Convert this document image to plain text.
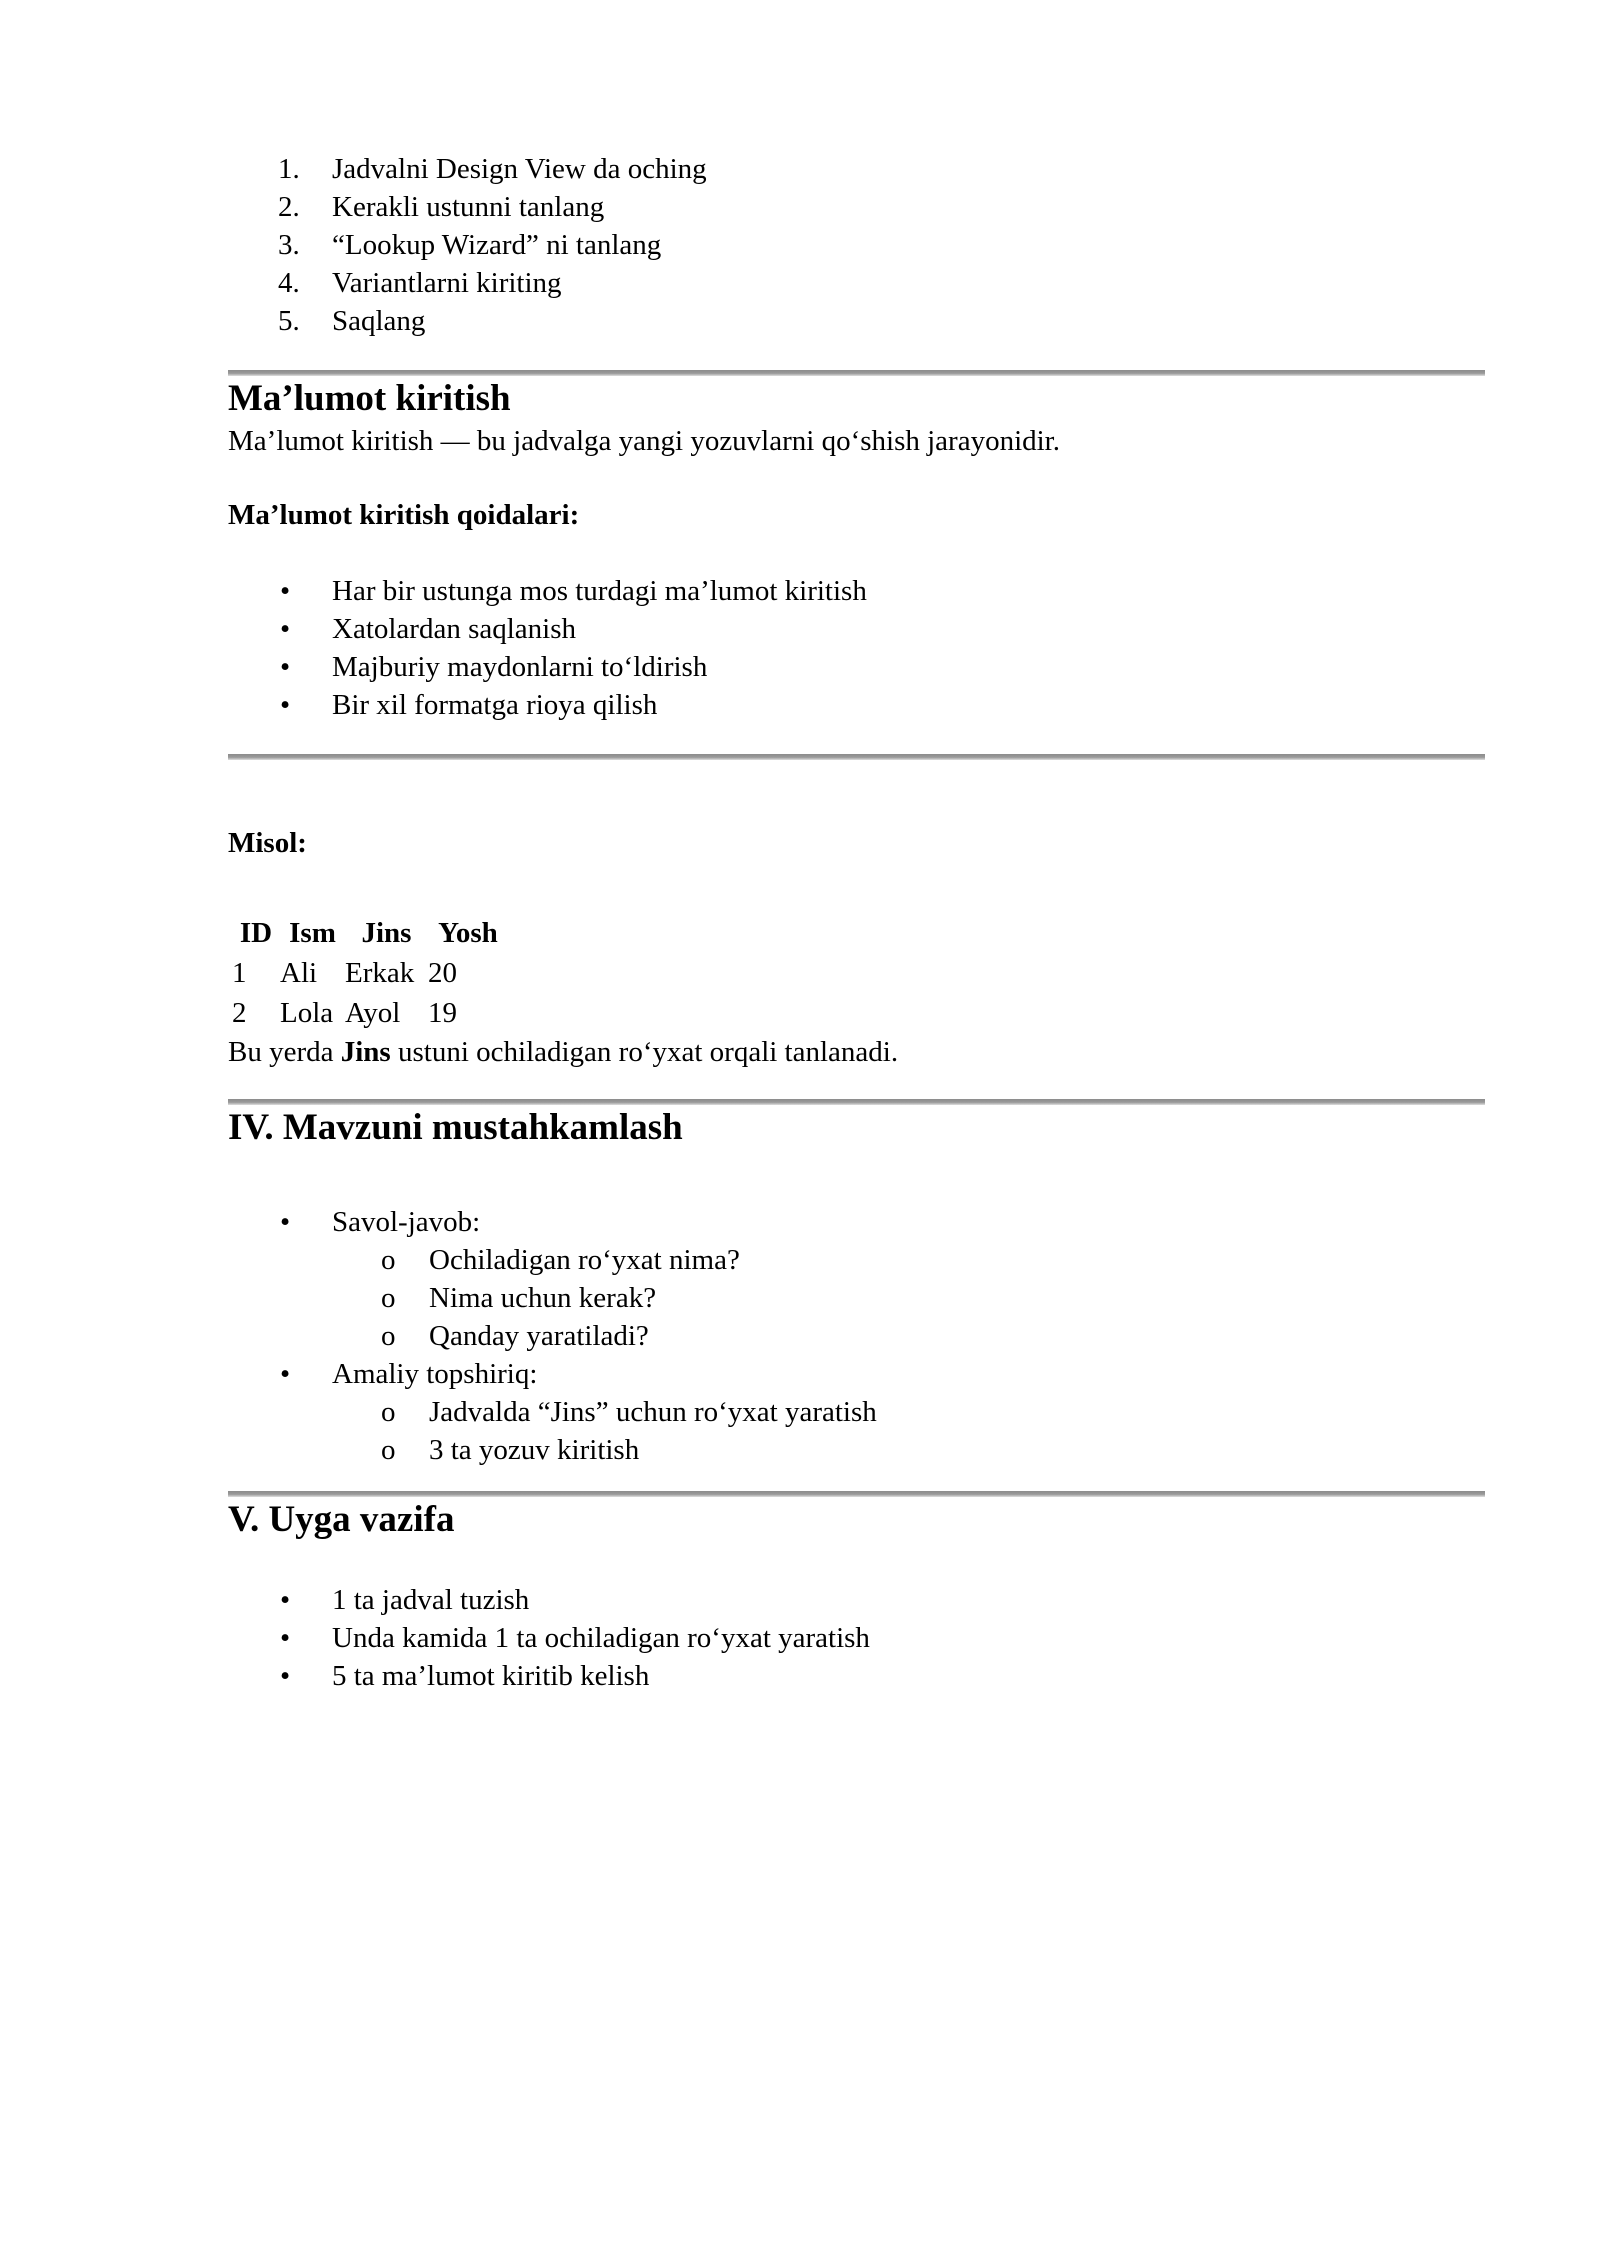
Jadvalni Design View da oching
Kerakli ustunni tanlang
“Lookup Wizard” ni tanlang
Variantlarni kiriting
Saqlang
Ma’lumot kiritish

Ma’lumot kiritish — bu jadvalga yangi yozuvlarni qo‘shish jarayonidir.

Ma’lumot kiritish qoidalari:

• Har bir ustunga mos turdagi ma’lumot kiritish
• Xatolardan saqlanish
• Majburiy maydonlarni to‘ldirish
• Bir xil formatga rioya qilish

Misol:

ID	Ism	Jins	Yosh
1	Ali	Erkak	20
2	Lola	Ayol	19

Bu yerda Jins ustuni ochiladigan ro‘yxat orqali tanlanadi.

IV. Mavzuni mustahkamlash
• Savol-javob:
o Ochiladigan ro‘yxat nima?
o Nima uchun kerak?
o Qanday yaratiladi?
• Amaliy topshiriq:
o Jadvalda “Jins” uchun ro‘yxat yaratish
o 3 ta yozuv kiritish
V. Uyga vazifa
• 1 ta jadval tuzish
• Unda kamida 1 ta ochiladigan ro‘yxat yaratish
• 5 ta ma’lumot kiritib kelish
